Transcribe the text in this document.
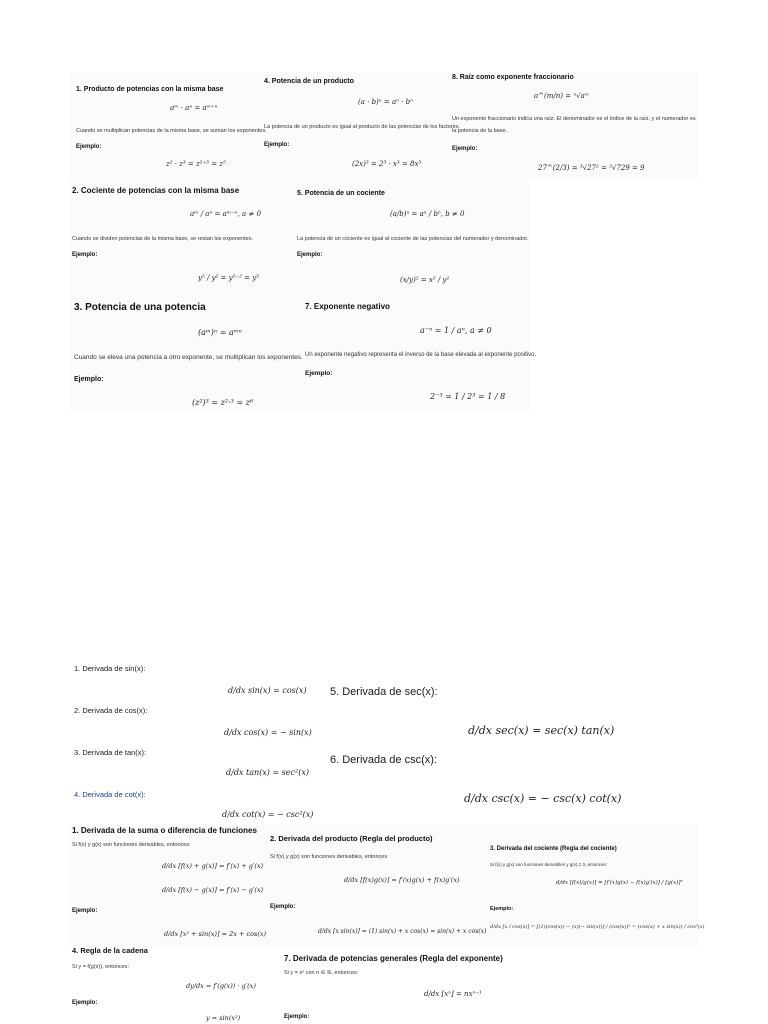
1. Producto de potencias con la misma base
aᵐ · aⁿ = aᵐ⁺ⁿ
Cuando se multiplican potencias de la misma base, se suman los exponentes.
Ejemplo:
z² · z³ = z²⁺³ = z⁵
4. Potencia de un producto
(a · b)ⁿ = aⁿ · bⁿ
La potencia de un producto es igual al producto de las potencias de los factores.
Ejemplo:
(2x)³ = 2³ · x³ = 8x³
8. Raíz como exponente fraccionario
a^(m/n) = ⁿ√aᵐ
Un exponente fraccionario indica una raíz. El denominador es el índice de la raíz, y el numerador es
la potencia de la base.
Ejemplo:
27^(2/3) = ³√27² = ³√729 = 9
2. Cociente de potencias con la misma base
aᵐ / aⁿ = aᵐ⁻ⁿ, a ≠ 0
Cuando se dividen potencias de la misma base, se restan los exponentes.
Ejemplo:
y⁵ / y² = y⁵⁻² = y³
5. Potencia de un cociente
(a/b)ⁿ = aⁿ / bⁿ, b ≠ 0
La potencia de un cociente es igual al cociente de las potencias del numerador y denominador.
Ejemplo:
(x/y)² = x² / y²
3. Potencia de una potencia
(aᵐ)ⁿ = aᵐⁿ
Cuando se eleva una potencia a otro exponente, se multiplican los exponentes.
Ejemplo:
(z²)³ = z²·³ = z⁶
7. Exponente negativo
a⁻ⁿ = 1 / aⁿ, a ≠ 0
Un exponente negativo representa el inverso de la base elevada al exponente positivo.
Ejemplo:
2⁻³ = 1 / 2³ = 1 / 8
1. Derivada de sin(x):
d/dx sin(x) = cos(x)
2. Derivada de cos(x):
d/dx cos(x) = − sin(x)
3. Derivada de tan(x):
d/dx tan(x) = sec²(x)
4. Derivada de cot(x):
d/dx cot(x) = − csc²(x)
5. Derivada de sec(x):
d/dx sec(x) = sec(x) tan(x)
6. Derivada de csc(x):
d/dx csc(x) = − csc(x) cot(x)
1. Derivada de la suma o diferencia de funciones
Si f(x) y g(x) son funciones derivables, entonces:
d/dx [f(x) + g(x)] = f′(x) + g′(x)
d/dx [f(x) − g(x)] = f′(x) − g′(x)
Ejemplo:
d/dx [x² + sin(x)] = 2x + cos(x)
2. Derivada del producto (Regla del producto)
Si f(x) y g(x) son funciones derivables, entonces
d/dx [f(x)g(x)] = f′(x)g(x) + f(x)g′(x)
Ejemplo:
d/dx [x sin(x)] = (1) sin(x) + x cos(x) = sin(x) + x cos(x)
3. Derivada del cociente (Regla del cociente)
Si f(x) y g(x) son funciones derivables y g(x) ≠ 0, entonces:
d/dx [f(x)/g(x)] = [f′(x)g(x) − f(x)g′(x)] / [g(x)]²
Ejemplo:
d/dx [x / cos(x)] = [(1)(cos(x)) − (x)(− sin(x))] / (cos(x))² = (cos(x) + x sin(x)) / cos²(x)
4. Regla de la cadena
Si y = f(g(x)), entonces:
dy/dx = f′(g(x)) · g′(x)
Ejemplo:
y = sin(x²)
7. Derivada de potencias generales (Regla del exponente)
Si y = xⁿ con n ∈ ℝ, entonces:
d/dx [xⁿ] = nxⁿ⁻¹
Ejemplo:
